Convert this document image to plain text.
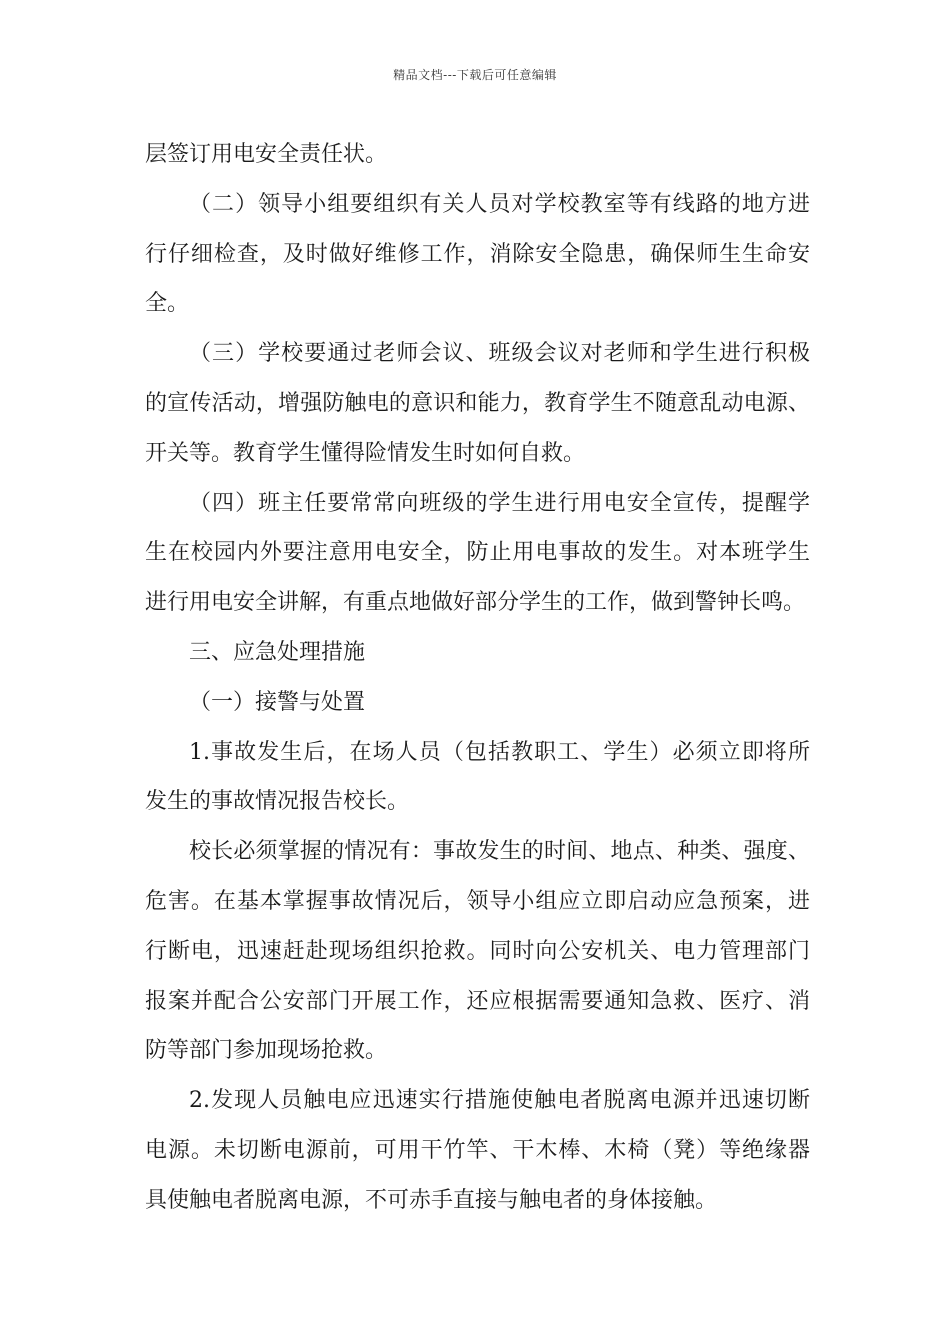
精品文档---下载后可任意编辑
层签订用电安全责任状。
（二）领导小组要组织有关人员对学校教室等有线路的地方进
行仔细检查，及时做好维修工作，消除安全隐患，确保师生生命安
全。
（三）学校要通过老师会议、班级会议对老师和学生进行积极
的宣传活动，增强防触电的意识和能力，教育学生不随意乱动电源、
开关等。教育学生懂得险情发生时如何自救。
（四）班主任要常常向班级的学生进行用电安全宣传，提醒学
生在校园内外要注意用电安全，防止用电事故的发生。对本班学生
进行用电安全讲解，有重点地做好部分学生的工作，做到警钟长鸣。
三、应急处理措施
（一）接警与处置
1.事故发生后，在场人员（包括教职工、学生）必须立即将所
发生的事故情况报告校长。
校长必须掌握的情况有：事故发生的时间、地点、种类、强度、
危害。在基本掌握事故情况后，领导小组应立即启动应急预案，进
行断电，迅速赶赴现场组织抢救。同时向公安机关、电力管理部门
报案并配合公安部门开展工作，还应根据需要通知急救、医疗、消
防等部门参加现场抢救。
2.发现人员触电应迅速实行措施使触电者脱离电源并迅速切断
电源。未切断电源前，可用干竹竿、干木棒、木椅（凳）等绝缘器
具使触电者脱离电源，不可赤手直接与触电者的身体接触。
